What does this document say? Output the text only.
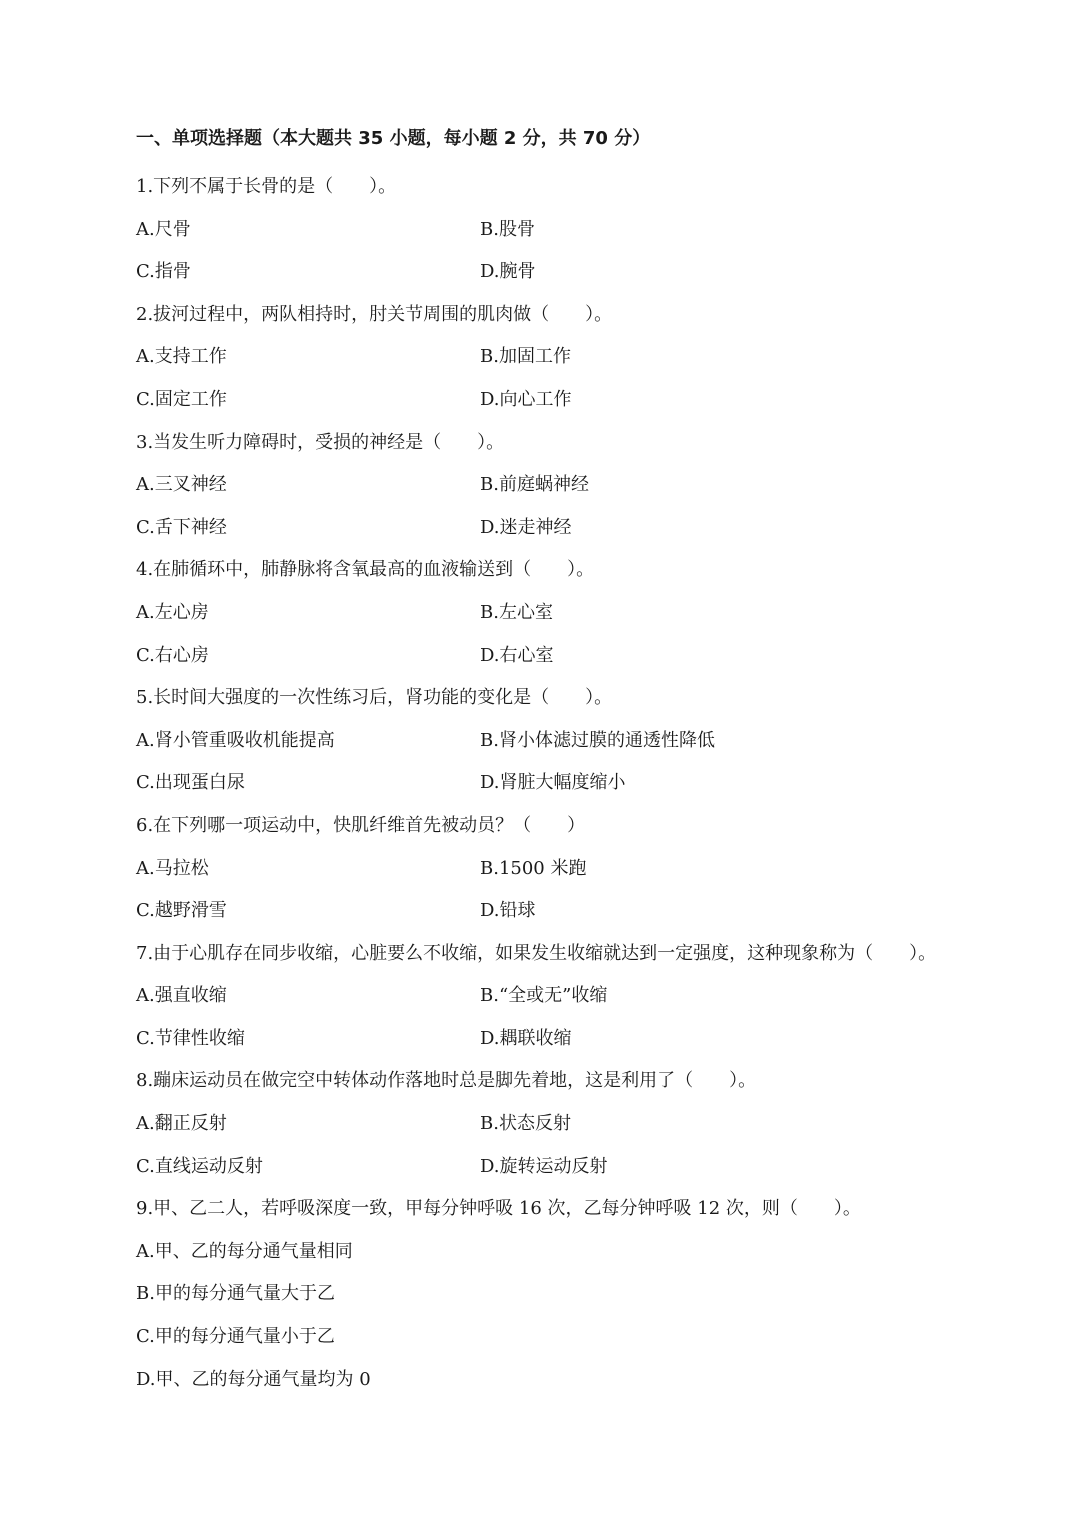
一、单项选择题（本大题共 35 小题，每小题 2 分，共 70 分）
1.下列不属于长骨的是（　　）。
A.尺骨	B.股骨
C.指骨	D.腕骨
2.拔河过程中，两队相持时，肘关节周围的肌肉做（　　）。
A.支持工作	B.加固工作
C.固定工作	D.向心工作
3.当发生听力障碍时，受损的神经是（　　）。
A.三叉神经	B.前庭蜗神经
C.舌下神经	D.迷走神经
4.在肺循环中，肺静脉将含氧最高的血液输送到（　　）。
A.左心房	B.左心室
C.右心房	D.右心室
5.长时间大强度的一次性练习后，肾功能的变化是（　　）。
A.肾小管重吸收机能提高	B.肾小体滤过膜的通透性降低
C.出现蛋白尿	D.肾脏大幅度缩小
6.在下列哪一项运动中，快肌纤维首先被动员？（　　）
A.马拉松	B.1500 米跑
C.越野滑雪	D.铅球
7.由于心肌存在同步收缩，心脏要么不收缩，如果发生收缩就达到一定强度，这种现象称为（　　）。
A.强直收缩	B.“全或无”收缩
C.节律性收缩	D.耦联收缩
8.蹦床运动员在做完空中转体动作落地时总是脚先着地，这是利用了（　　）。
A.翻正反射	B.状态反射
C.直线运动反射	D.旋转运动反射
9.甲、乙二人，若呼吸深度一致，甲每分钟呼吸 16 次，乙每分钟呼吸 12 次，则（　　）。
A.甲、乙的每分通气量相同
B.甲的每分通气量大于乙
C.甲的每分通气量小于乙
D.甲、乙的每分通气量均为 0
